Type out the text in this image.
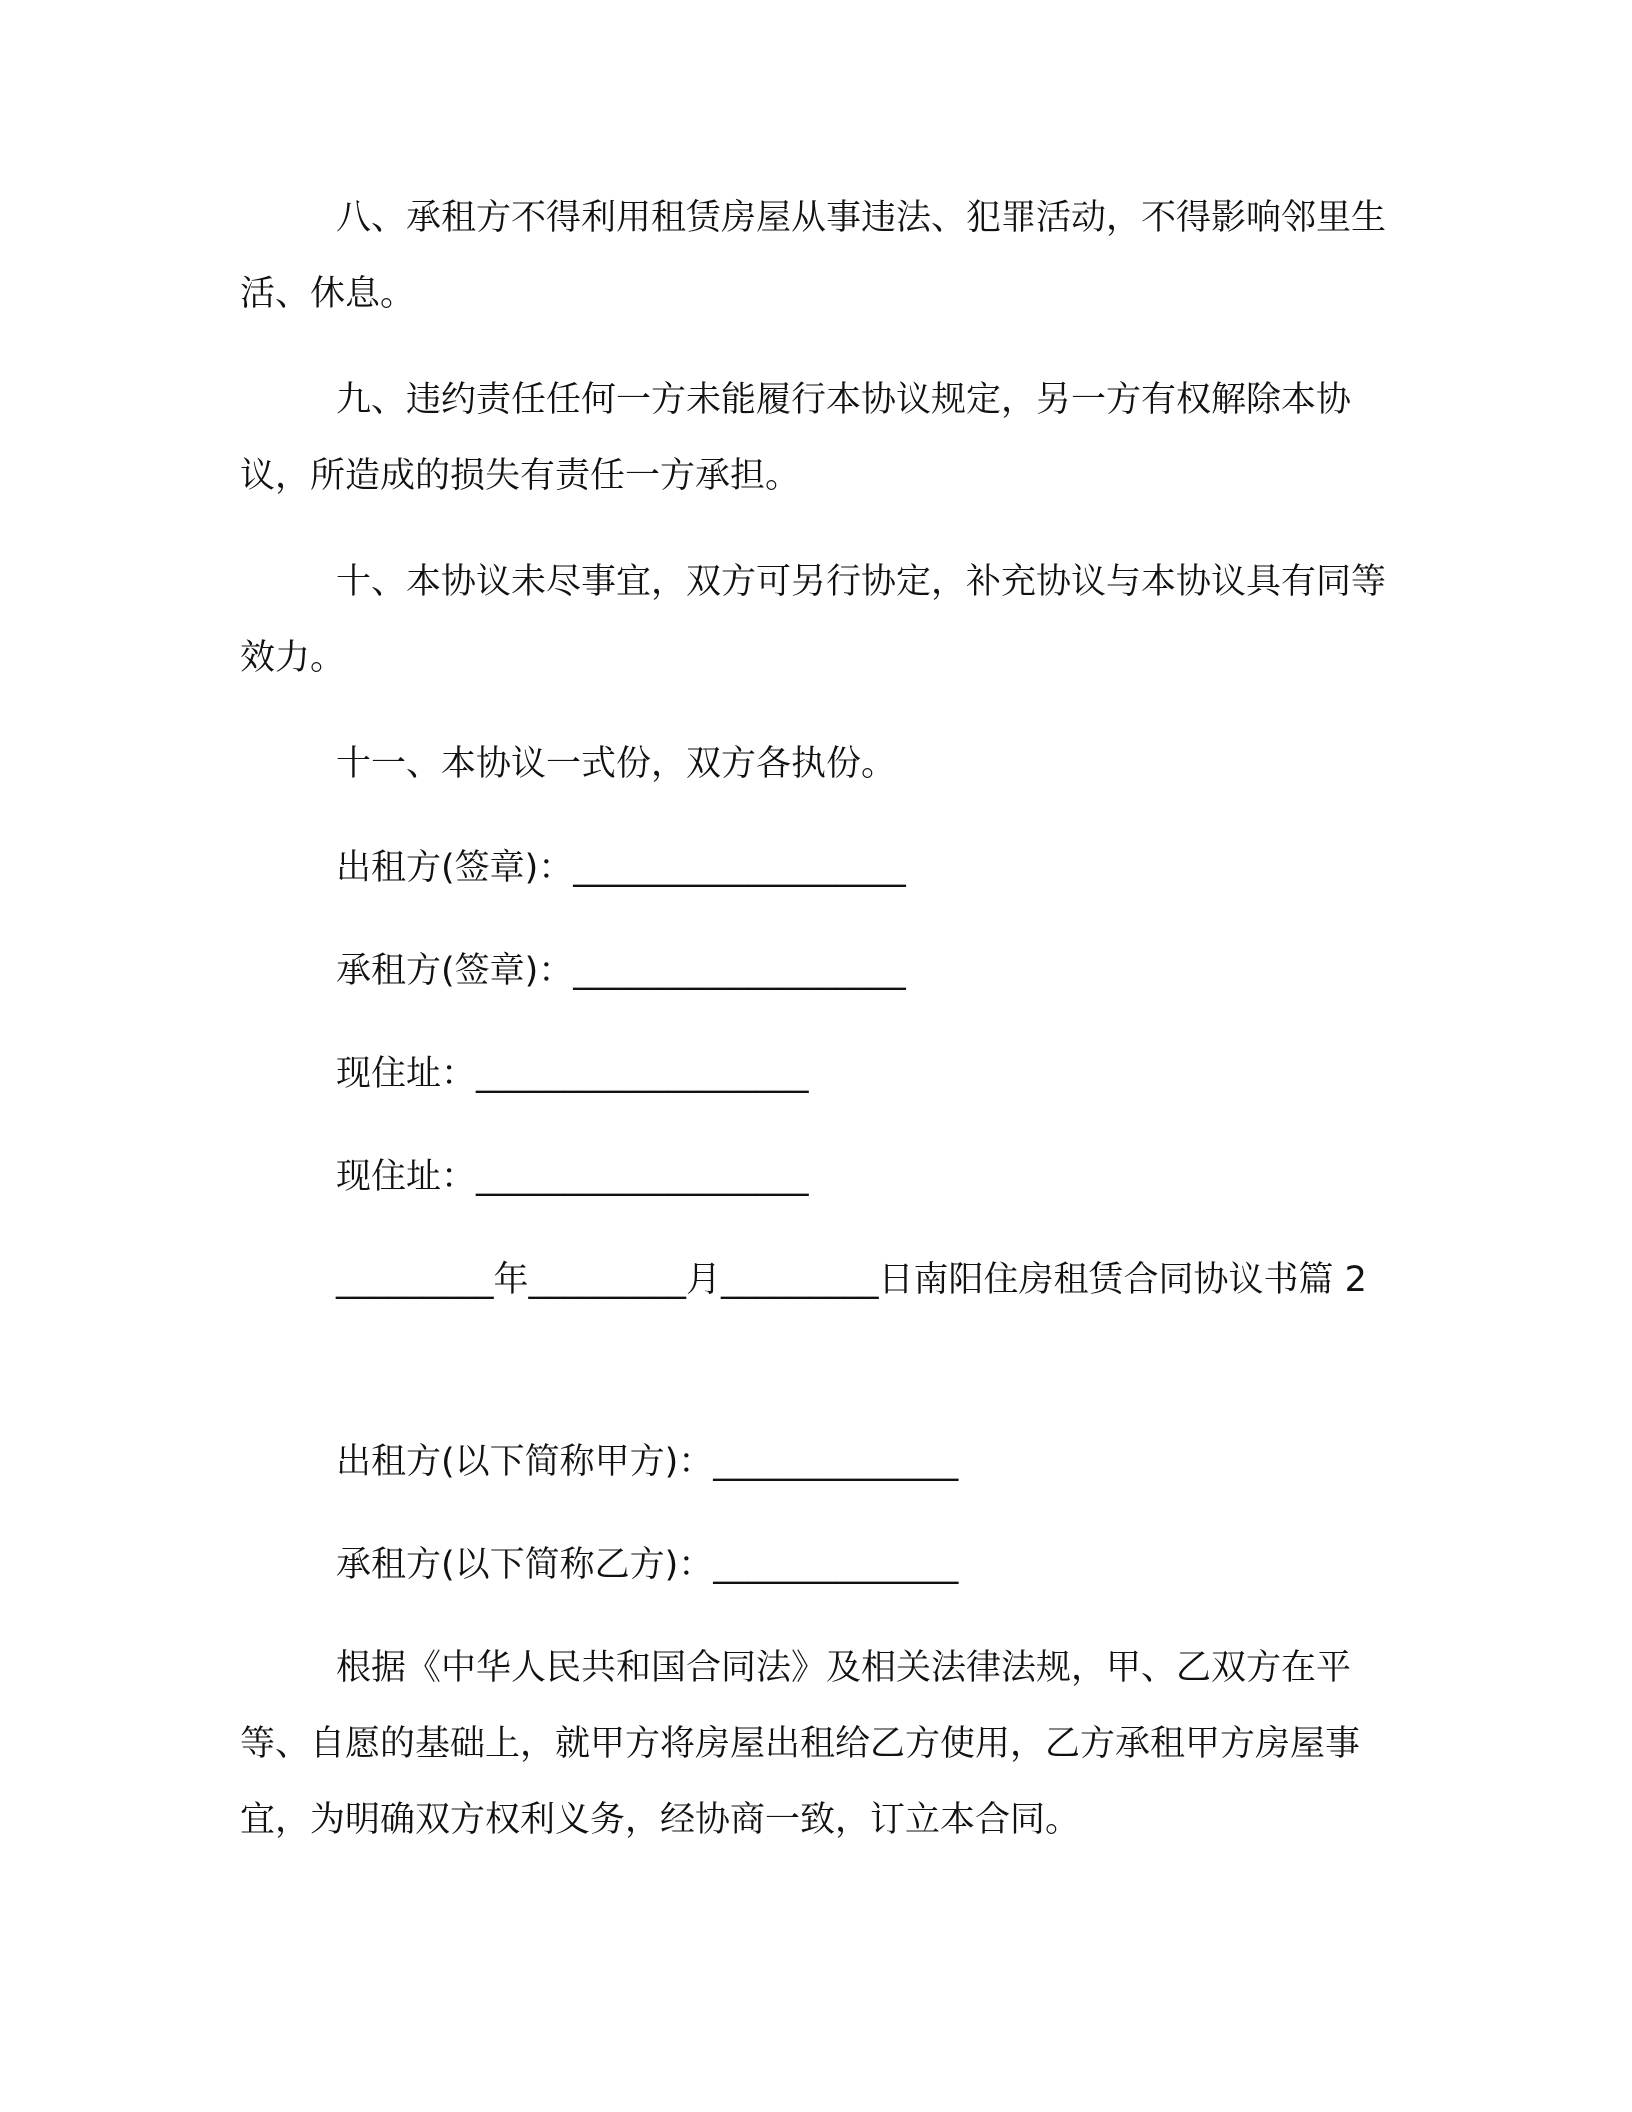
八、承租方不得利用租赁房屋从事违法、犯罪活动，不得影响邻里生活、休息。

九、违约责任任何一方未能履行本协议规定，另一方有权解除本协议，所造成的损失有责任一方承担。

十、本协议未尽事宜，双方可另行协定，补充协议与本协议具有同等效力。

十一、本协议一式份，双方各执份。

出租方(签章)：___________________

承租方(签章)：___________________

现住址：___________________

现住址：___________________

_________年_________月_________日南阳住房租赁合同协议书篇 2

出租方(以下简称甲方)：______________

承租方(以下简称乙方)：______________

根据《中华人民共和国合同法》及相关法律法规，甲、乙双方在平等、自愿的基础上，就甲方将房屋出租给乙方使用，乙方承租甲方房屋事宜，为明确双方权利义务，经协商一致，订立本合同。
